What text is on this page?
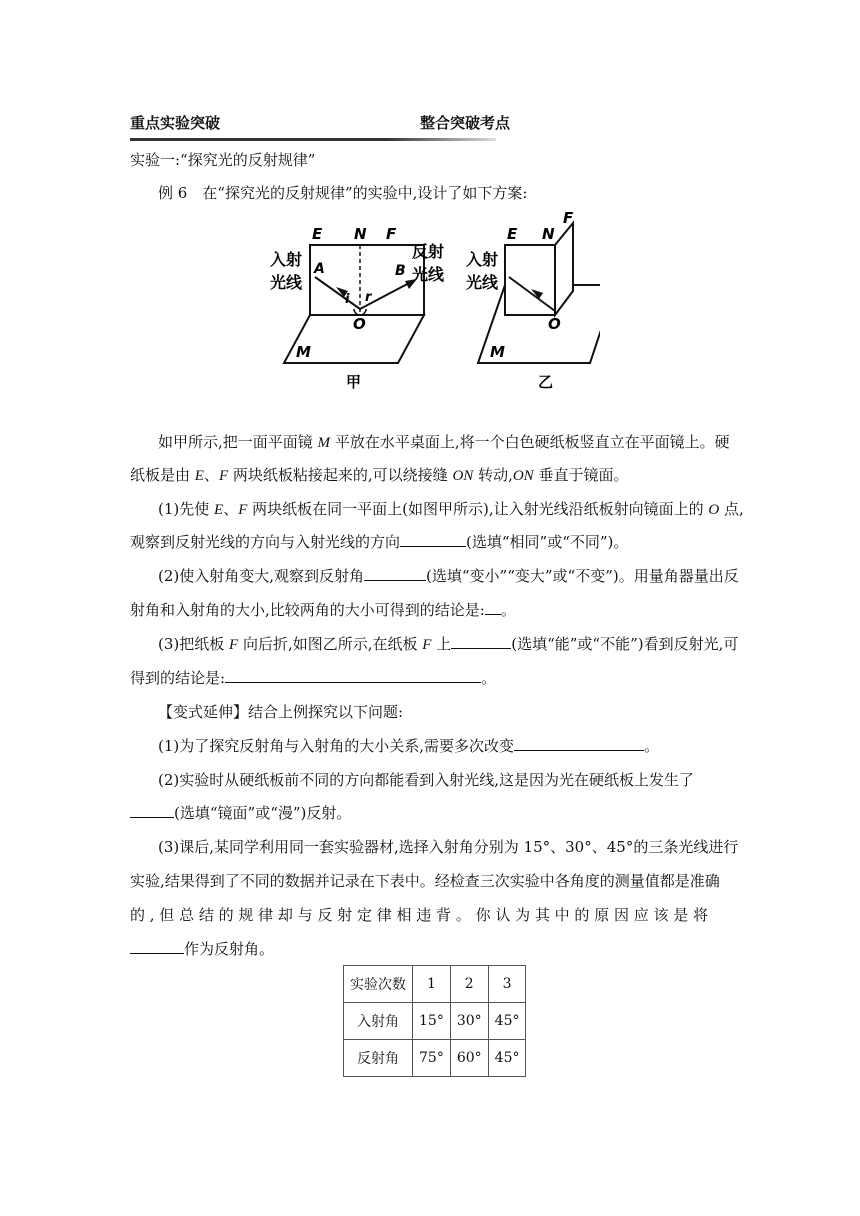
重点实验突破	整合突破考点
实验一:“探究光的反射规律”
例 6　在“探究光的反射规律”的实验中,设计了如下方案:
E N F
A	B
i r
O
M
入射
光线
反射
光线
甲
E N
F
O
M
入射
光线
乙
如甲所示,把一面平面镜 M 平放在水平桌面上,将一个白色硬纸板竖直立在平面镜上。硬
纸板是由 E、F 两块纸板粘接起来的,可以绕接缝 ON 转动,ON 垂直于镜面。
(1)先使 E、F 两块纸板在同一平面上(如图甲所示),让入射光线沿纸板射向镜面上的 O 点,
观察到反射光线的方向与入射光线的方向	(选填“相同”或“不同”)。
(2)使入射角变大,观察到反射角	(选填“变小”“变大”或“不变”)。用量角器量出反
射角和入射角的大小,比较两角的大小可得到的结论是: 。
(3)把纸板 F 向后折,如图乙所示,在纸板 F 上	(选填“能”或“不能”)看到反射光,可
得到的结论是:	。
【变式延伸】结合上例探究以下问题:
(1)为了探究反射角与入射角的大小关系,需要多次改变	。
(2)实验时从硬纸板前不同的方向都能看到入射光线,这是因为光在硬纸板上发生了
(选填“镜面”或“漫”)反射。
(3)课后,某同学利用同一套实验器材,选择入射角分别为 15°、30°、45°的三条光线进行
实验,结果得到了不同的数据并记录在下表中。经检查三次实验中各角度的测量值都是准确
的 , 但 总 结 的 规 律 却 与 反 射 定 律 相 违 背 。 你 认 为 其 中 的 原 因 应 该 是 将
作为反射角。
实验次数	1	2	3
入射角	15°	30°	45°
反射角	75°	60°	45°
